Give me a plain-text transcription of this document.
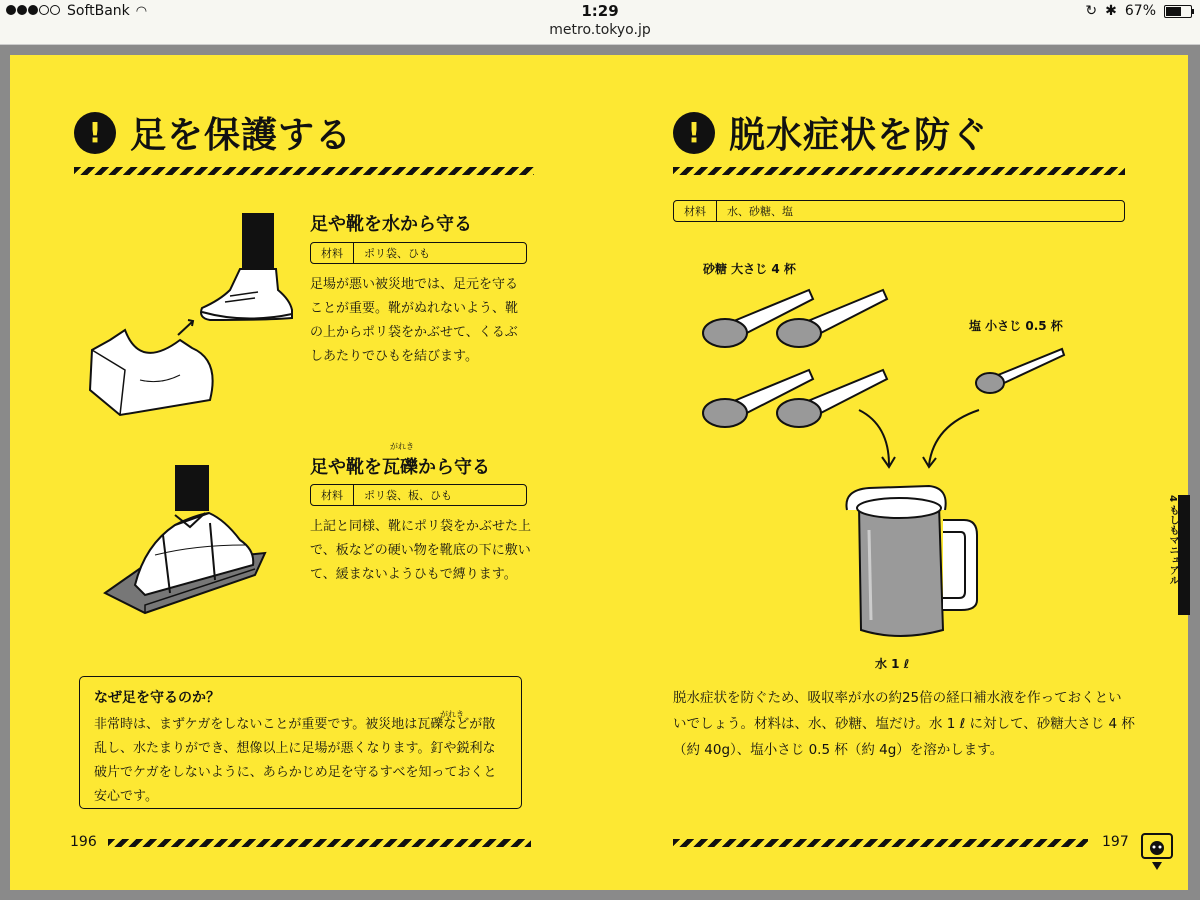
SoftBank ◠	1:29	↻ ✱ 67%
metro.tokyo.jp
! 足を保護する
足や靴を水から守る
材料	ポリ袋、ひも
足場が悪い被災地では、足元を守ることが重要。靴がぬれないよう、靴の上からポリ袋をかぶせて、くるぶしあたりでひもを結びます。
足や靴を瓦礫から守る
がれき
材料	ポリ袋、板、ひも
上記と同様、靴にポリ袋をかぶせた上で、板などの硬い物を靴底の下に敷いて、緩まないようひもで縛ります。
なぜ足を守るのか？
がれき
非常時は、まずケガをしないことが重要です。被災地は瓦礫などが散乱し、水たまりができ、想像以上に足場が悪くなります。釘や鋭利な破片でケガをしないように、あらかじめ足を守るすべを知っておくと安心です。
196
! 脱水症状を防ぐ
材料	水、砂糖、塩
砂糖 大さじ 4 杯
塩 小さじ 0.5 杯
水 1 ℓ
脱水症状を防ぐため、吸収率が水の約25倍の経口補水液を作っておくといいでしょう。材料は、水、砂糖、塩だけ。水 1 ℓ に対して、砂糖大さじ 4 杯（約 40g）、塩小さじ 0.5 杯（約 4g）を溶かします。
197
4 もしもマニュアル
